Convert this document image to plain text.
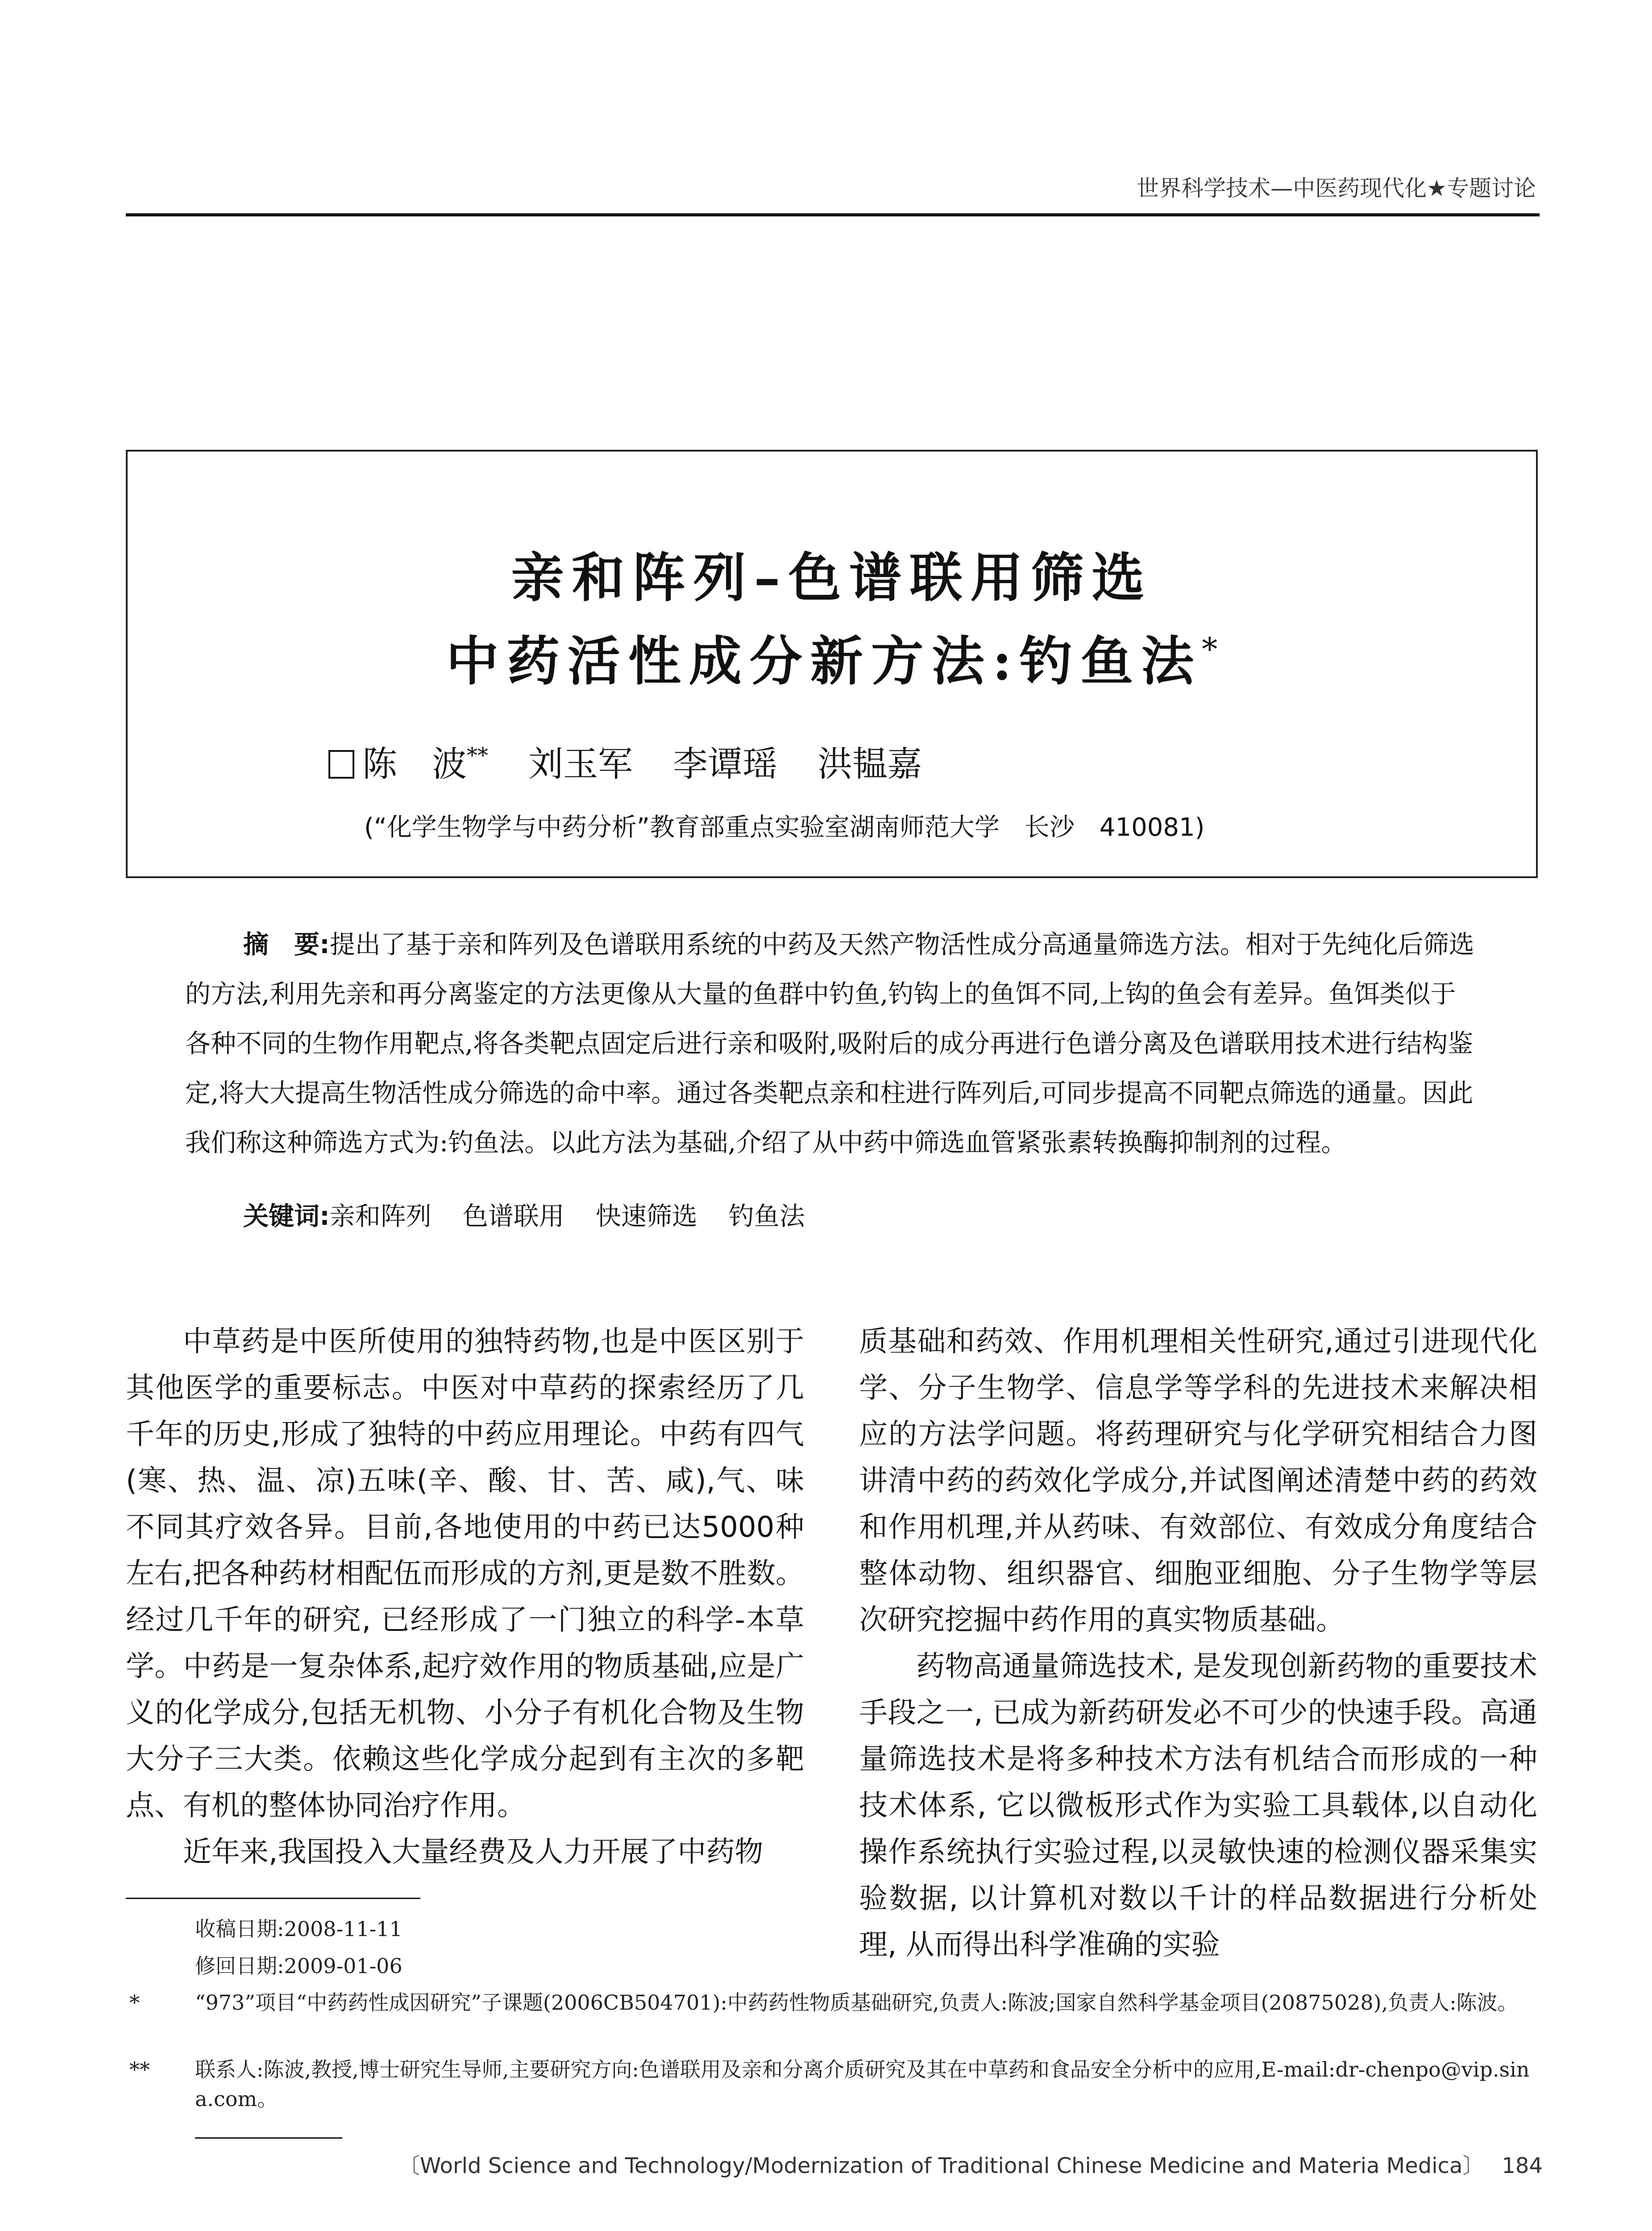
世界科学技术—中医药现代化★专题讨论
亲和阵列–色谱联用筛选
中药活性成分新方法:钓鱼法*
陈　波** 刘玉军 李谭瑶 洪韫嘉
(“化学生物学与中药分析”教育部重点实验室湖南师范大学　长沙　410081)
摘　要:提出了基于亲和阵列及色谱联用系统的中药及天然产物活性成分高通量筛选方法。相对于先纯化后筛选的方法,利用先亲和再分离鉴定的方法更像从大量的鱼群中钓鱼,钓钩上的鱼饵不同,上钩的鱼会有差异。鱼饵类似于各种不同的生物作用靶点,将各类靶点固定后进行亲和吸附,吸附后的成分再进行色谱分离及色谱联用技术进行结构鉴定,将大大提高生物活性成分筛选的命中率。通过各类靶点亲和柱进行阵列后,可同步提高不同靶点筛选的通量。因此我们称这种筛选方式为:钓鱼法。以此方法为基础,介绍了从中药中筛选血管紧张素转换酶抑制剂的过程。
关键词:亲和阵列 色谱联用 快速筛选 钓鱼法

中草药是中医所使用的独特药物,也是中医区别于其他医学的重要标志。中医对中草药的探索经历了几千年的历史,形成了独特的中药应用理论。中药有四气(寒、热、温、凉)五味(辛、酸、甘、苦、咸),气、味不同其疗效各异。目前,各地使用的中药已达5000种左右,把各种药材相配伍而形成的方剂,更是数不胜数。经过几千年的研究, 已经形成了一门独立的科学-本草学。中药是一复杂体系,起疗效作用的物质基础,应是广义的化学成分,包括无机物、小分子有机化合物及生物大分子三大类。依赖这些化学成分起到有主次的多靶点、有机的整体协同治疗作用。

近年来,我国投入大量经费及人力开展了中药物

质基础和药效、作用机理相关性研究,通过引进现代化学、分子生物学、信息学等学科的先进技术来解决相应的方法学问题。将药理研究与化学研究相结合力图讲清中药的药效化学成分,并试图阐述清楚中药的药效和作用机理,并从药味、有效部位、有效成分角度结合整体动物、组织器官、细胞亚细胞、分子生物学等层次研究挖掘中药作用的真实物质基础。

药物高通量筛选技术, 是发现创新药物的重要技术手段之一, 已成为新药研发必不可少的快速手段。高通量筛选技术是将多种技术方法有机结合而形成的一种技术体系, 它以微板形式作为实验工具载体,以自动化操作系统执行实验过程,以灵敏快速的检测仪器采集实验数据, 以计算机对数以千计的样品数据进行分析处理, 从而得出科学准确的实验

收稿日期:2008-11-11
修回日期:2009-01-06
*	“973”项目“中药药性成因研究”子课题(2006CB504701):中药药性物质基础研究,负责人:陈波;国家自然科学基金项目(20875028),负责人:陈波。
**	联系人:陈波,教授,博士研究生导师,主要研究方向:色谱联用及亲和分离介质研究及其在中草药和食品安全分析中的应用,E-mail:dr-chenpo@vip.sina.com。
〔World Science and Technology/Modernization of Traditional Chinese Medicine and Materia Medica〕 184
